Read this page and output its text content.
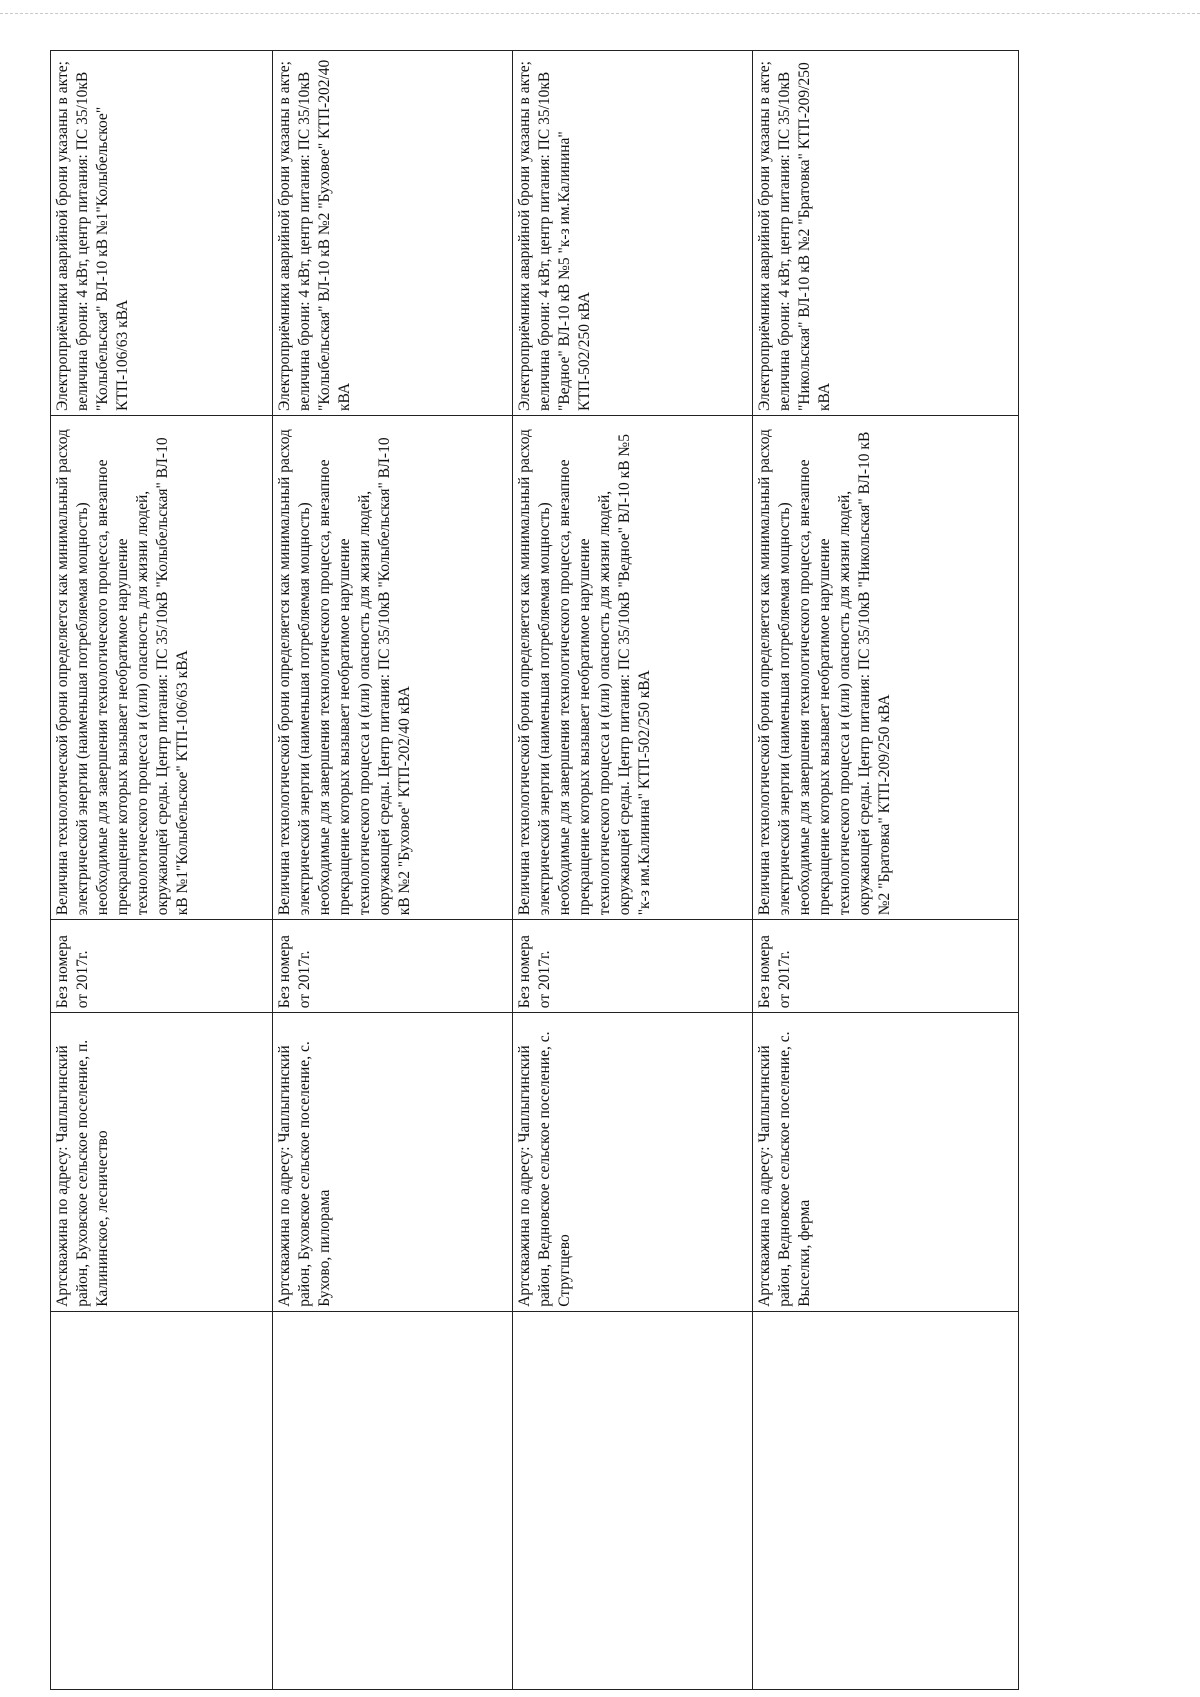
	Артскважина по адресу: Чаплыгинский район, Буховское сельское поселение, п. Калининское, лесничество	Без номера от 2017г.	Величина технологической брони определяется как минимальный расход электрической энергии (наименьшая потребляемая мощность) необходимые для завершения технологического процесса, внезапное прекращение которых вызывает необратимое нарушение технологического процесса и (или) опасность для жизни людей, окружающей среды. Центр питания: ПС 35/10кВ "Колыбельская" ВЛ-10 кВ №1"Колыбельское" КТП-106/63 кВА	Электроприёмники аварийной брони указаны в акте; величина брони: 4 кВт, центр питания: ПС 35/10кВ "Колыбельская" ВЛ-10 кВ №1"Колыбельское" КТП-106/63 кВА
	Артскважина по адресу: Чаплыгинский район, Буховское сельское поселение, с. Бухово, пилорама	Без номера от 2017г.	Величина технологической брони определяется как минимальный расход электрической энергии (наименьшая потребляемая мощность) необходимые для завершения технологического процесса, внезапное прекращение которых вызывает необратимое нарушение технологического процесса и (или) опасность для жизни людей, окружающей среды. Центр питания: ПС 35/10кВ "Колыбельская" ВЛ-10 кВ №2 "Буховое" КТП-202/40 кВА	Электроприёмники аварийной брони указаны в акте; величина брони: 4 кВт, центр питания: ПС 35/10кВ "Колыбельская" ВЛ-10 кВ №2 "Буховое" КТП-202/40 кВА
	Артскважина по адресу: Чаплыгинский район, Ведновское сельское поселение, с. Стругщево	Без номера от 2017г.	Величина технологической брони определяется как минимальный расход электрической энергии (наименьшая потребляемая мощность) необходимые для завершения технологического процесса, внезапное прекращение которых вызывает необратимое нарушение технологического процесса и (или) опасность для жизни людей, окружающей среды. Центр питания: ПС 35/10кВ "Ведное" ВЛ-10 кВ №5 "к-з им.Калинина" КТП-502/250 кВА	Электроприёмники аварийной брони указаны в акте; величина брони: 4 кВт, центр питания: ПС 35/10кВ "Ведное" ВЛ-10 кВ №5 "к-з им.Калинина" КТП-502/250 кВА
	Артскважина по адресу: Чаплыгинский район, Ведновское сельское поселение, с. Выселки, ферма	Без номера от 2017г.	Величина технологической брони определяется как минимальный расход электрической энергии (наименьшая потребляемая мощность) необходимые для завершения технологического процесса, внезапное прекращение которых вызывает необратимое нарушение технологического процесса и (или) опасность для жизни людей, окружающей среды. Центр питания: ПС 35/10кВ "Никольская" ВЛ-10 кВ №2 "Братовка" КТП-209/250 кВА	Электроприёмники аварийной брони указаны в акте; величина брони: 4 кВт, центр питания: ПС 35/10кВ "Никольская" ВЛ-10 кВ №2 "Братовка" КТП-209/250 кВА
